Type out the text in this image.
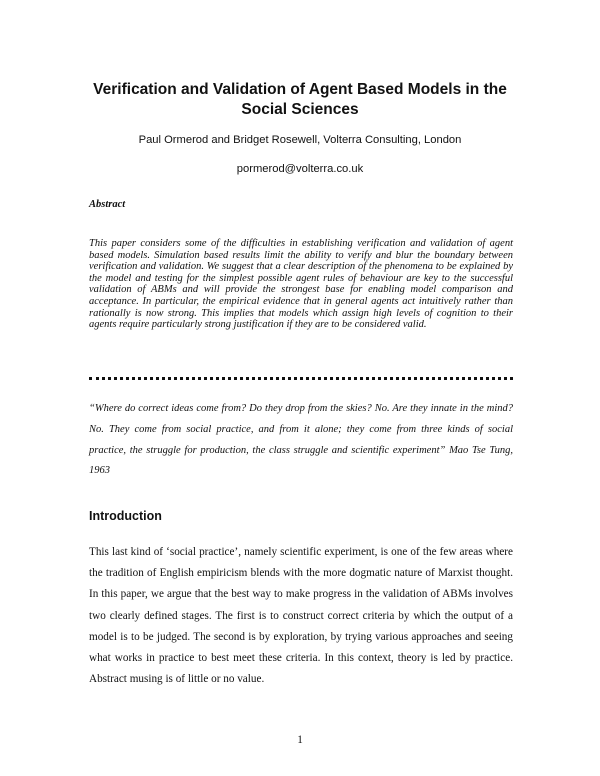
Verification and Validation of Agent Based Models in the Social Sciences

Paul Ormerod and Bridget Rosewell, Volterra Consulting, London

pormerod@volterra.co.uk

Abstract

This paper considers some of the difficulties in establishing verification and validation of agent based models. Simulation based results limit the ability to verify and blur the boundary between verification and validation. We suggest that a clear description of the phenomena to be explained by the model and testing for the simplest possible agent rules of behaviour are key to the successful validation of ABMs and will provide the strongest base for enabling model comparison and acceptance. In particular, the empirical evidence that in general agents act intuitively rather than rationally is now strong. This implies that models which assign high levels of cognition to their agents require particularly strong justification if they are to be considered valid.

“Where do correct ideas come from? Do they drop from the skies? No. Are they innate in the mind? No. They come from social practice, and from it alone; they come from three kinds of social practice, the struggle for production, the class struggle and scientific experiment” Mao Tse Tung, 1963

Introduction

This last kind of ‘social practice’, namely scientific experiment, is one of the few areas where the tradition of English empiricism blends with the more dogmatic nature of Marxist thought. In this paper, we argue that the best way to make progress in the validation of ABMs involves two clearly defined stages. The first is to construct correct criteria by which the output of a model is to be judged. The second is by exploration, by trying various approaches and seeing what works in practice to best meet these criteria. In this context, theory is led by practice. Abstract musing is of little or no value.

1
